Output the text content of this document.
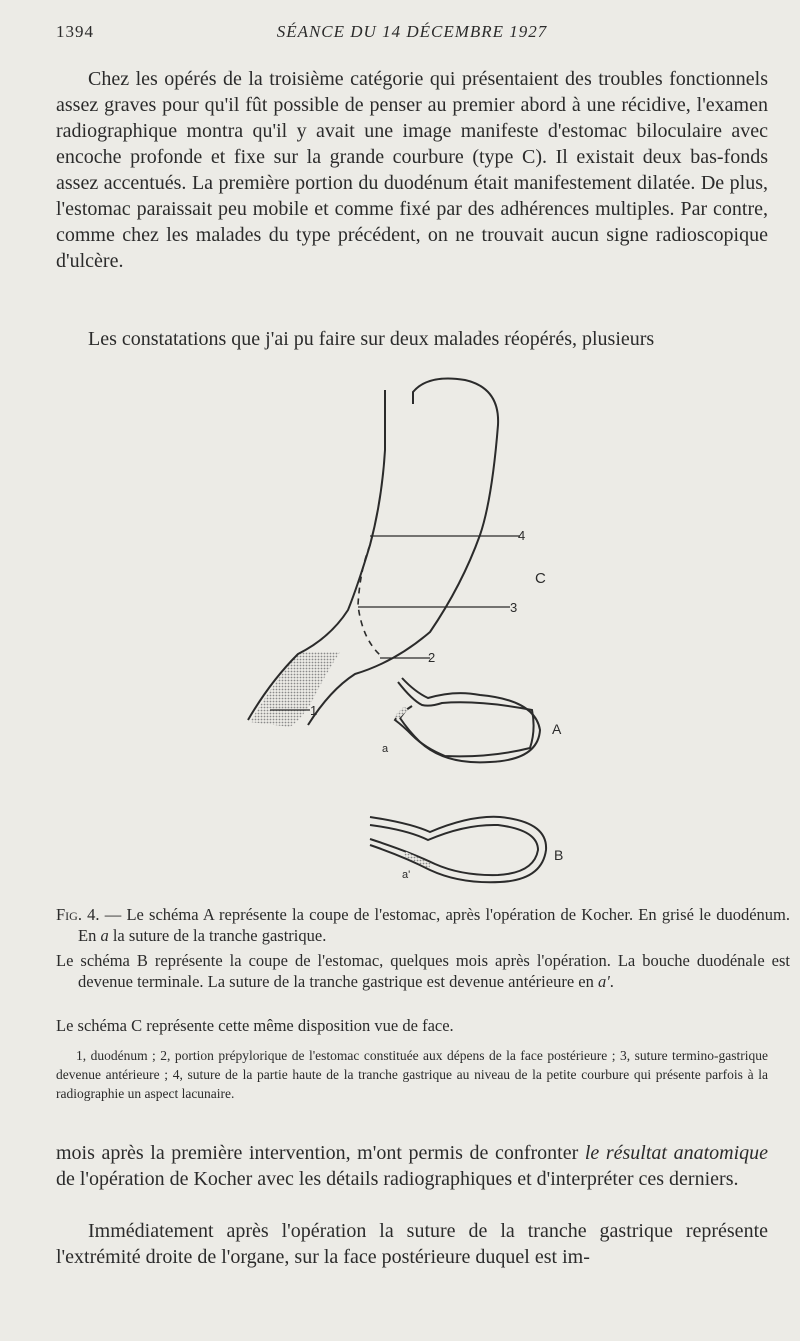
1394	SÉANCE DU 14 DÉCEMBRE 1927

Chez les opérés de la troisième catégorie qui présentaient des troubles fonctionnels assez graves pour qu'il fût possible de penser au premier abord à une récidive, l'examen radiographique montra qu'il y avait une image manifeste d'estomac biloculaire avec encoche profonde et fixe sur la grande courbure (type C). Il existait deux bas-fonds assez accentués. La première portion du duodénum était manifestement dilatée. De plus, l'estomac paraissait peu mobile et comme fixé par des adhérences multiples. Par contre, comme chez les malades du type précédent, on ne trouvait aucun signe radioscopique d'ulcère.

Les constatations que j'ai pu faire sur deux malades réopérés, plusieurs

4
3
2
1
C
A
a
B
a'

Fig. 4. — Le schéma A représente la coupe de l'estomac, après l'opération de Kocher. En grisé le duodénum. En a la suture de la tranche gastrique.

Le schéma B représente la coupe de l'estomac, quelques mois après l'opération. La bouche duodénale est devenue terminale. La suture de la tranche gastrique est devenue antérieure en a'.

Le schéma C représente cette même disposition vue de face.

1, duodénum ; 2, portion prépylorique de l'estomac constituée aux dépens de la face postérieure ; 3, suture termino-gastrique devenue antérieure ; 4, suture de la partie haute de la tranche gastrique au niveau de la petite courbure qui présente parfois à la radiographie un aspect lacunaire.

mois après la première intervention, m'ont permis de confronter le résultat anatomique de l'opération de Kocher avec les détails radiographiques et d'interpréter ces derniers.

Immédiatement après l'opération la suture de la tranche gastrique représente l'extrémité droite de l'organe, sur la face postérieure duquel est im-
